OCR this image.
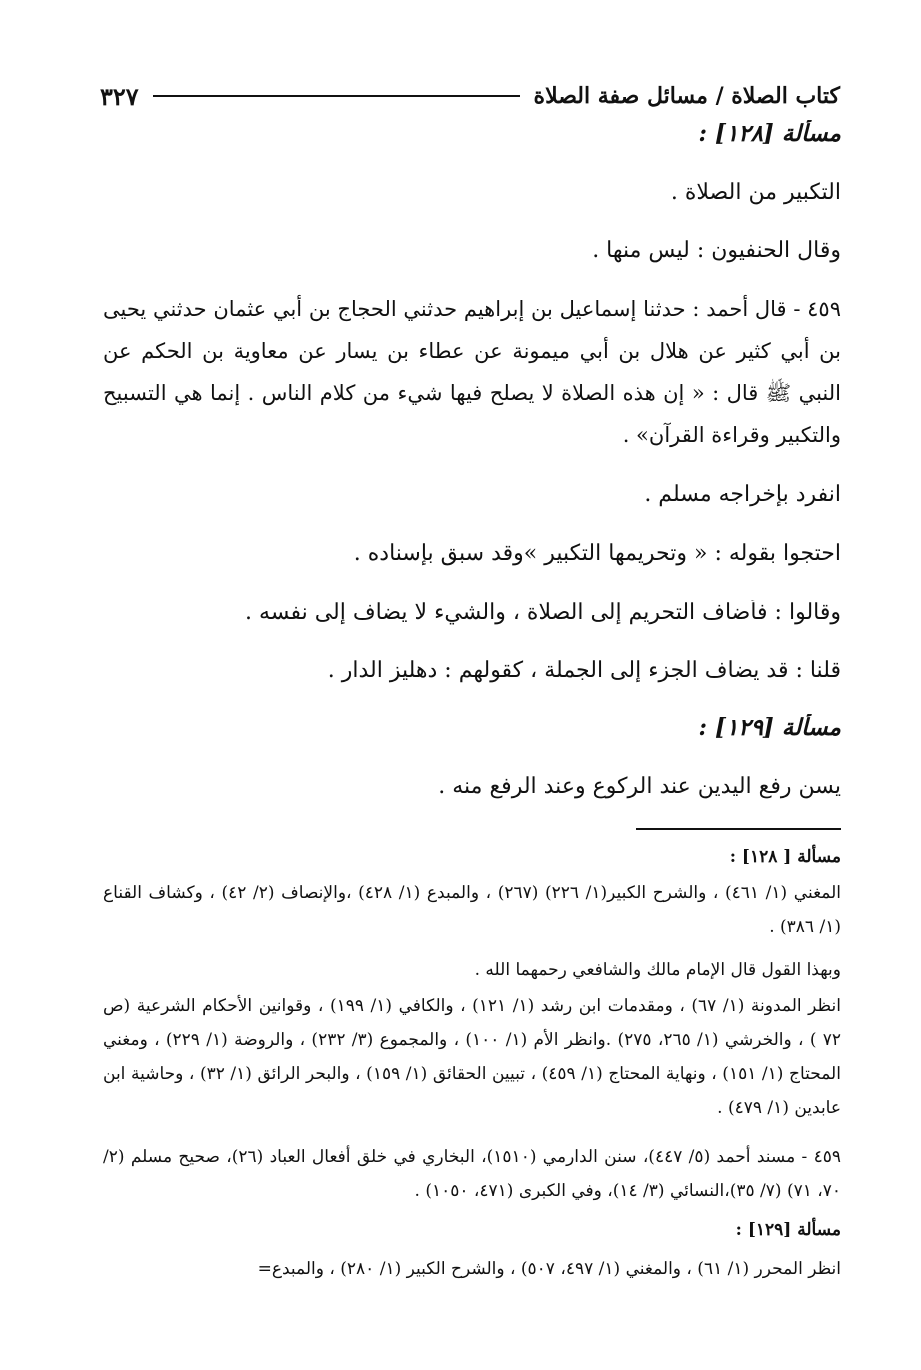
كتاب الصلاة / مسائل صفة الصلاة
٣٢٧
مسألة [١٢٨] :
التكبير من الصلاة .
وقال الحنفيون : ليس منها .
٤٥٩ - قال أحمد : حدثنا إسماعيل بن إبراهيم حدثني الحجاج بن أبي عثمان حدثني يحيى بن أبي كثير عن هلال بن أبي ميمونة عن عطاء بن يسار عن معاوية بن الحكم عن النبي ﷺ قال : « إن هذه الصلاة لا يصلح فيها شيء من كلام الناس . إنما هي التسبيح والتكبير وقراءة القرآن» .
انفرد بإخراجه مسلم .
احتجوا بقوله : « وتحريمها التكبير »وقد سبق بإسناده .
وقالوا : فأضاف التحريم إلى الصلاة ، والشيء لا يضاف إلى نفسه .
قلنا : قد يضاف الجزء إلى الجملة ، كقولهم : دهليز الدار .
مسألة [١٢٩] :
يسن رفع اليدين عند الركوع وعند الرفع منه .
مسألة [ ١٢٨] :
المغني (١/ ٤٦١) ، والشرح الكبير(١/ ٢٢٦) (٢٦٧) ، والمبدع (١/ ٤٢٨) ،والإنصاف (٢/ ٤٢) ، وكشاف القناع (١/ ٣٨٦) .
وبهذا القول قال الإمام مالك والشافعي رحمهما الله .
انظر المدونة (١/ ٦٧) ، ومقدمات ابن رشد (١/ ١٢١) ، والكافي (١/ ١٩٩) ، وقوانين الأحكام الشرعية (ص ٧٢ ) ، والخرشي (١/ ٢٦٥، ٢٧٥) .وانظر الأم (١/ ١٠٠) ، والمجموع (٣/ ٢٣٢) ، والروضة (١/ ٢٢٩) ، ومغني المحتاج (١/ ١٥١) ، ونهاية المحتاج (١/ ٤٥٩) ، تبيين الحقائق (١/ ١٥٩) ، والبحر الرائق (١/ ٣٢) ، وحاشية ابن عابدين (١/ ٤٧٩) .
٤٥٩ - مسند أحمد (٥/ ٤٤٧)، سنن الدارمي (١٥١٠)، البخاري في خلق أفعال العباد (٢٦)، صحيح مسلم (٢/ ٧٠، ٧١) (٧/ ٣٥)،النسائي (٣/ ١٤)، وفي الكبرى (٤٧١، ١٠٥٠) .
مسألة [١٢٩] :
انظر المحرر (١/ ٦١) ، والمغني (١/ ٤٩٧، ٥٠٧) ، والشرح الكبير (١/ ٢٨٠) ، والمبدع=
